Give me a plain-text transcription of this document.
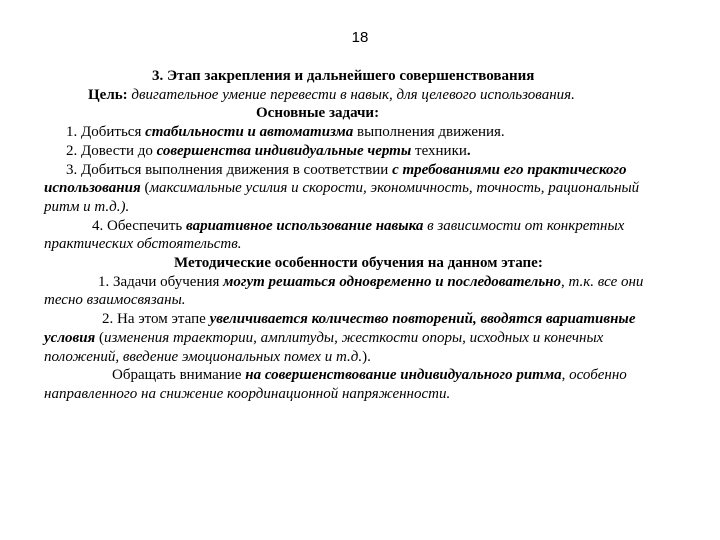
18

3. Этап закрепления и дальнейшего совершенствования

Цель: двигательное умение перевести в навык, для целевого использования.

Основные задачи:

1. Добиться стабильности и автоматизма выполнения движения.

2. Довести до совершенства индивидуальные черты техники.

3. Добиться выполнения движения в соответствии с требованиями его практического использования (максимальные усилия и скорости, экономичность, точность, рациональный ритм и т.д.).

4. Обеспечить вариативное использование навыка в зависимости от конкретных практических обстоятельств.

Методические особенности обучения на данном этапе:

1. Задачи обучения могут решаться одновременно и последовательно, т.к. все они тесно взаимосвязаны.

2. На этом этапе увеличивается количество повторений, вводятся вариативные условия (изменения траектории, амплитуды, жесткости опоры, исходных и конечных положений, введение эмоциональных помех и т.д.).

Обращать внимание на совершенствование индивидуального ритма, особенно направленного на снижение координационной напряженности.
